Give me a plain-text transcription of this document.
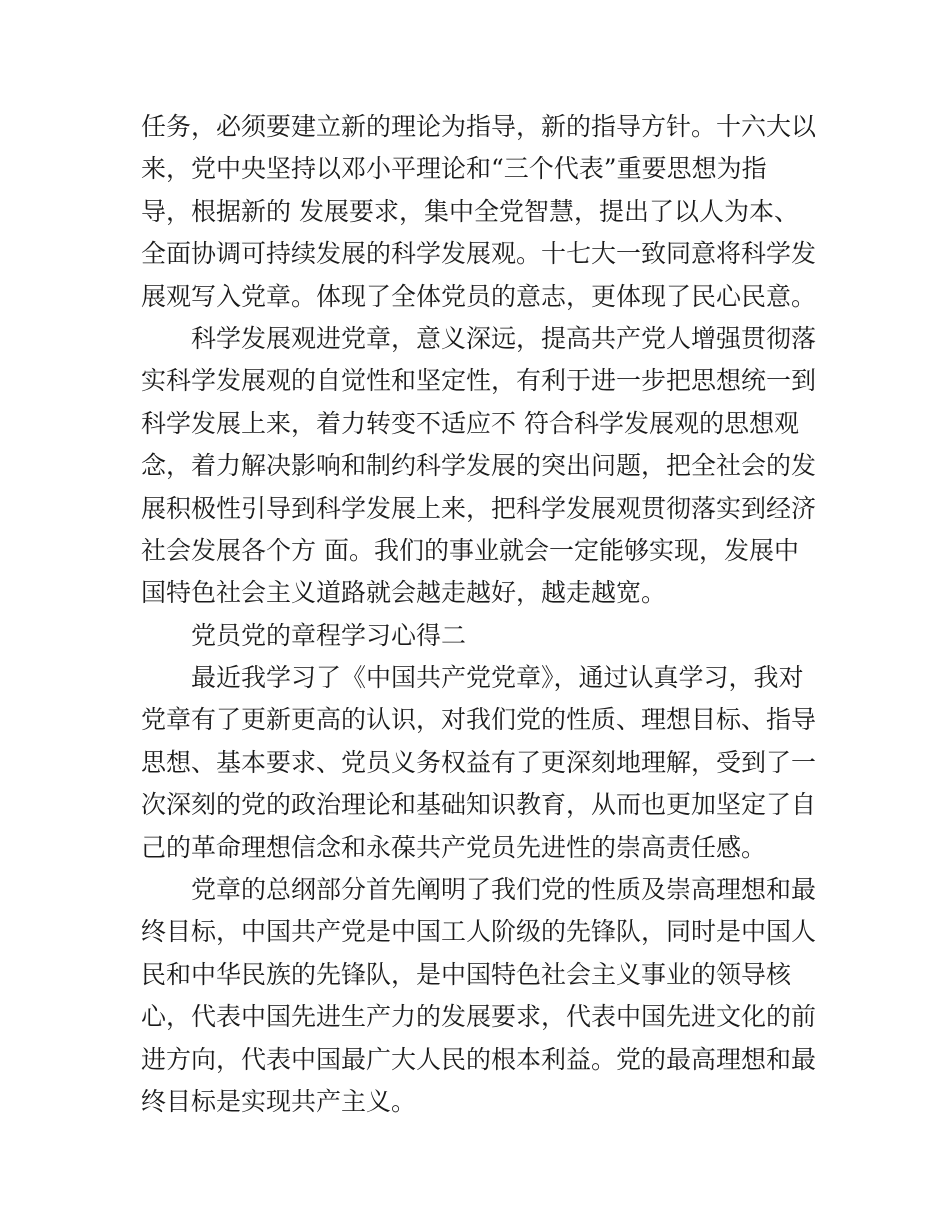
任务，必须要建立新的理论为指导，新的指导方针。十六大以
来，党中央坚持以邓小平理论和“三个代表”重要思想为指
导，根据新的 发展要求，集中全党智慧，提出了以人为本、
全面协调可持续发展的科学发展观。十七大一致同意将科学发
展观写入党章。体现了全体党员的意志，更体现了民心民意。
科学发展观进党章，意义深远，提高共产党人增强贯彻落
实科学发展观的自觉性和坚定性，有利于进一步把思想统一到
科学发展上来，着力转变不适应不 符合科学发展观的思想观
念，着力解决影响和制约科学发展的突出问题，把全社会的发
展积极性引导到科学发展上来，把科学发展观贯彻落实到经济
社会发展各个方 面。我们的事业就会一定能够实现，发展中
国特色社会主义道路就会越走越好，越走越宽。
党员党的章程学习心得二
最近我学习了《中国共产党党章》，通过认真学习，我对
党章有了更新更高的认识，对我们党的性质、理想目标、指导
思想、基本要求、党员义务权益有了更深刻地理解，受到了一
次深刻的党的政治理论和基础知识教育，从而也更加坚定了自
己的革命理想信念和永葆共产党员先进性的崇高责任感。
党章的总纲部分首先阐明了我们党的性质及崇高理想和最
终目标，中国共产党是中国工人阶级的先锋队，同时是中国人
民和中华民族的先锋队，是中国特色社会主义事业的领导核
心，代表中国先进生产力的发展要求，代表中国先进文化的前
进方向，代表中国最广大人民的根本利益。党的最高理想和最
终目标是实现共产主义。
